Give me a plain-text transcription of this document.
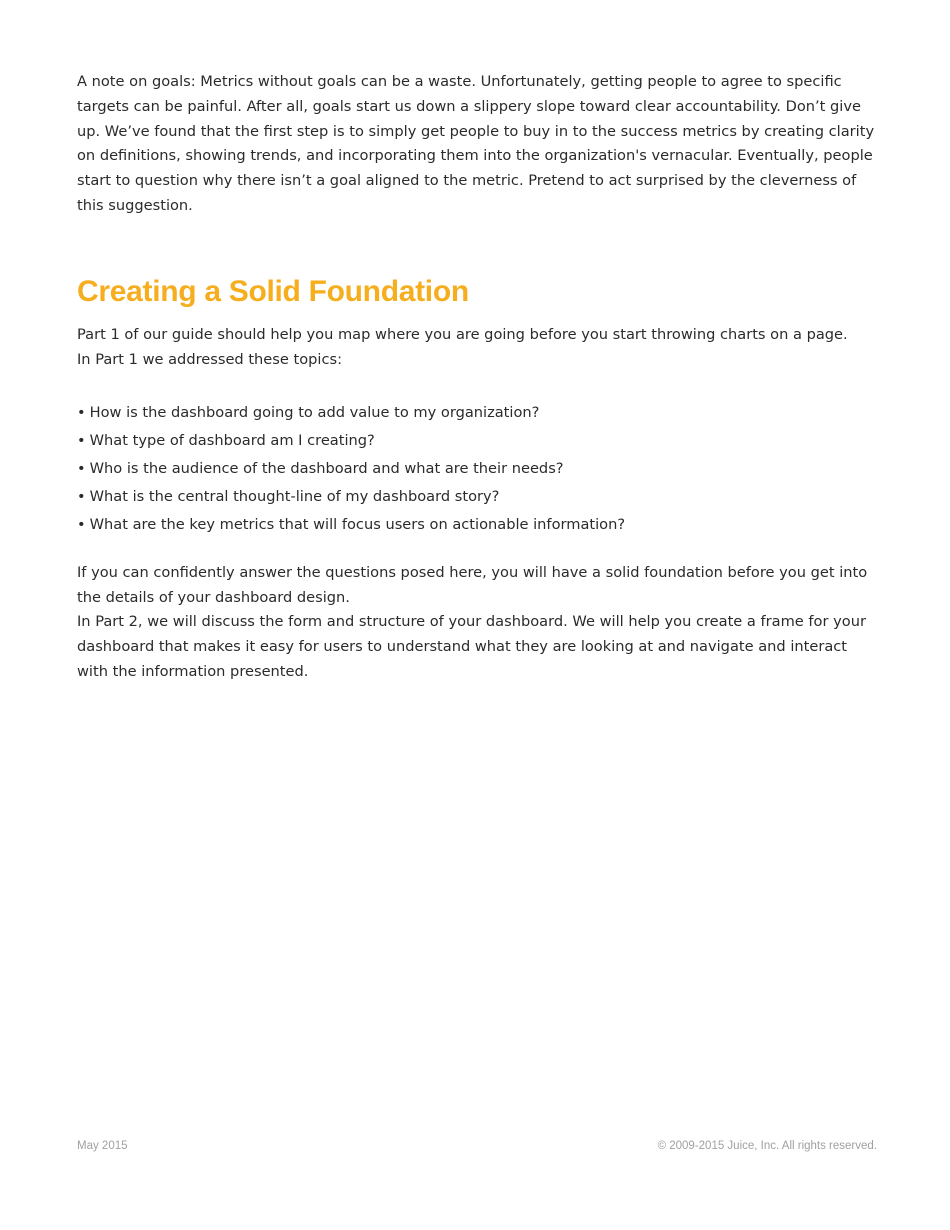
A note on goals: Metrics without goals can be a waste. Unfortunately, getting people to agree to specific targets can be painful. After all, goals start us down a slippery slope toward clear accountability. Don’t give up. We’ve found that the first step is to simply get people to buy in to the success metrics by creating clarity on definitions, showing trends, and incorporating them into the organization's vernacular. Eventually, people start to question why there isn’t a goal aligned to the metric. Pretend to act surprised by the cleverness of this suggestion.

Creating a Solid Foundation
Part 1 of our guide should help you map where you are going before you start throwing charts on a page.
In Part 1 we addressed these topics:
• How is the dashboard going to add value to my organization?
• What type of dashboard am I creating?
• Who is the audience of the dashboard and what are their needs?
• What is the central thought-line of my dashboard story?
• What are the key metrics that will focus users on actionable information?

If you can confidently answer the questions posed here, you will have a solid foundation before you get into the details of your dashboard design.

In Part 2, we will discuss the form and structure of your dashboard. We will help you create a frame for your dashboard that makes it easy for users to understand what they are looking at and navigate and interact with the information presented.

May 2015	© 2009-2015 Juice, Inc. All rights reserved.
